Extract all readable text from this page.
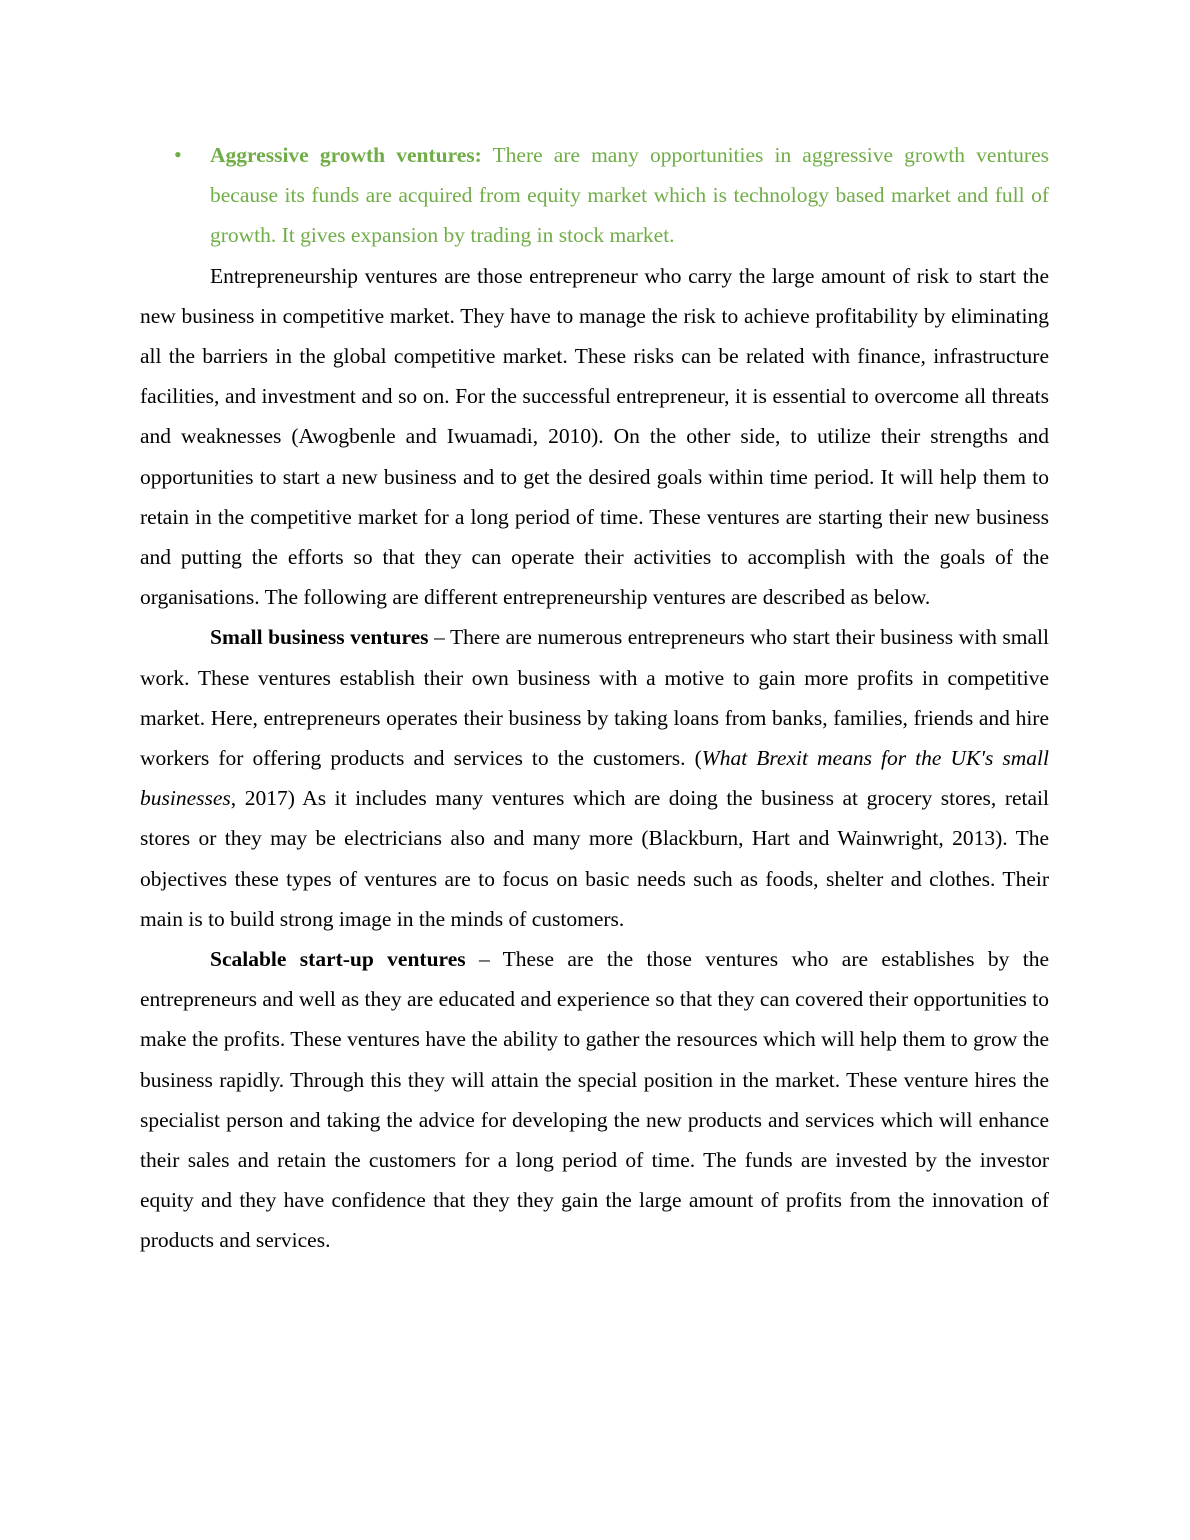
• Aggressive growth ventures: There are many opportunities in aggressive growth ventures because its funds are acquired from equity market which is technology based market and full of growth. It gives expansion by trading in stock market.

Entrepreneurship ventures are those entrepreneur who carry the large amount of risk to start the new business in competitive market. They have to manage the risk to achieve profitability by eliminating all the barriers in the global competitive market. These risks can be related with finance, infrastructure facilities, and investment and so on. For the successful entrepreneur, it is essential to overcome all threats and weaknesses (Awogbenle and Iwuamadi, 2010). On the other side, to utilize their strengths and opportunities to start a new business and to get the desired goals within time period. It will help them to retain in the competitive market for a long period of time. These ventures are starting their new business and putting the efforts so that they can operate their activities to accomplish with the goals of the organisations. The following are different entrepreneurship ventures are described as below.

Small business ventures – There are numerous entrepreneurs who start their business with small work. These ventures establish their own business with a motive to gain more profits in competitive market. Here, entrepreneurs operates their business by taking loans from banks, families, friends and hire workers for offering products and services to the customers. (What Brexit means for the UK's small businesses, 2017) As it includes many ventures which are doing the business at grocery stores, retail stores or they may be electricians also and many more (Blackburn, Hart and Wainwright, 2013). The objectives these types of ventures are to focus on basic needs such as foods, shelter and clothes. Their main is to build strong image in the minds of customers.

Scalable start-up ventures – These are the those ventures who are establishes by the entrepreneurs and well as they are educated and experience so that they can covered their opportunities to make the profits. These ventures have the ability to gather the resources which will help them to grow the business rapidly. Through this they will attain the special position in the market. These venture hires the specialist person and taking the advice for developing the new products and services which will enhance their sales and retain the customers for a long period of time. The funds are invested by the investor equity and they have confidence that they they gain the large amount of profits from the innovation of products and services.
